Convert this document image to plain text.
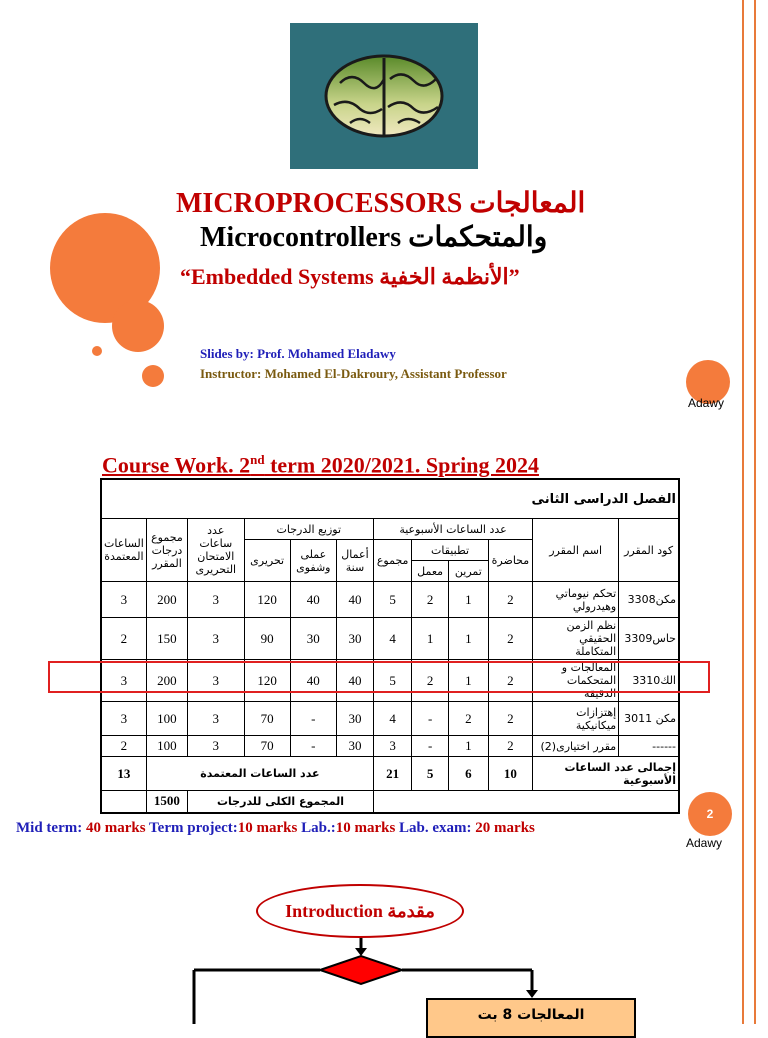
MICROPROCESSORS المعالجات
Microcontrollers والمتحكمات
“Embedded Systems الأنظمة الخفية”
Slides by: Prof. Mohamed Eladawy
Instructor: Mohamed El-Dakroury, Assistant Professor
Adawy
Course Work. 2nd term 2020/2021. Spring 2024
الفصل الدراسى الثانى											
الساعات المعتمدة	مجموع درجات المقرر	عدد ساعات الامتحان التحريرى	توزيع الدرجات			عدد الساعات الأسبوعية				اسم المقرر	كود المقرر
			تحريرى	عملى وشفوى	أعمال سنة	مجموع	تطبيقات		محاضرة		
							معمل	تمرين			
3	200	3	120	40	40	5	2	1	2	تحكم نيوماتي وهيدرولي	مكن3308
2	150	3	90	30	30	4	1	1	2	نظم الزمن الحقيقي المتكاملة	حاس3309
3	200	3	120	40	40	5	2	1	2	المعالجات و المتحكمات الدقيقة	الك3310
3	100	3	70	-	30	4	-	2	2	إهتزازات ميكانيكية	مكن 3011
2	100	3	70	-	30	3	-	1	2	مقرر اختيارى(2)	------
13	عدد الساعات المعتمدة					21	5	6	10	إجمالى عدد الساعات الأسبوعية	
	1500	المجموع الكلى للدرجات									
2
Mid term: 40 marks Term project:10 marks Lab.:10 marks Lab. exam: 20 marks
Adawy
Introduction مقدمة
المعالجات 8 بت
